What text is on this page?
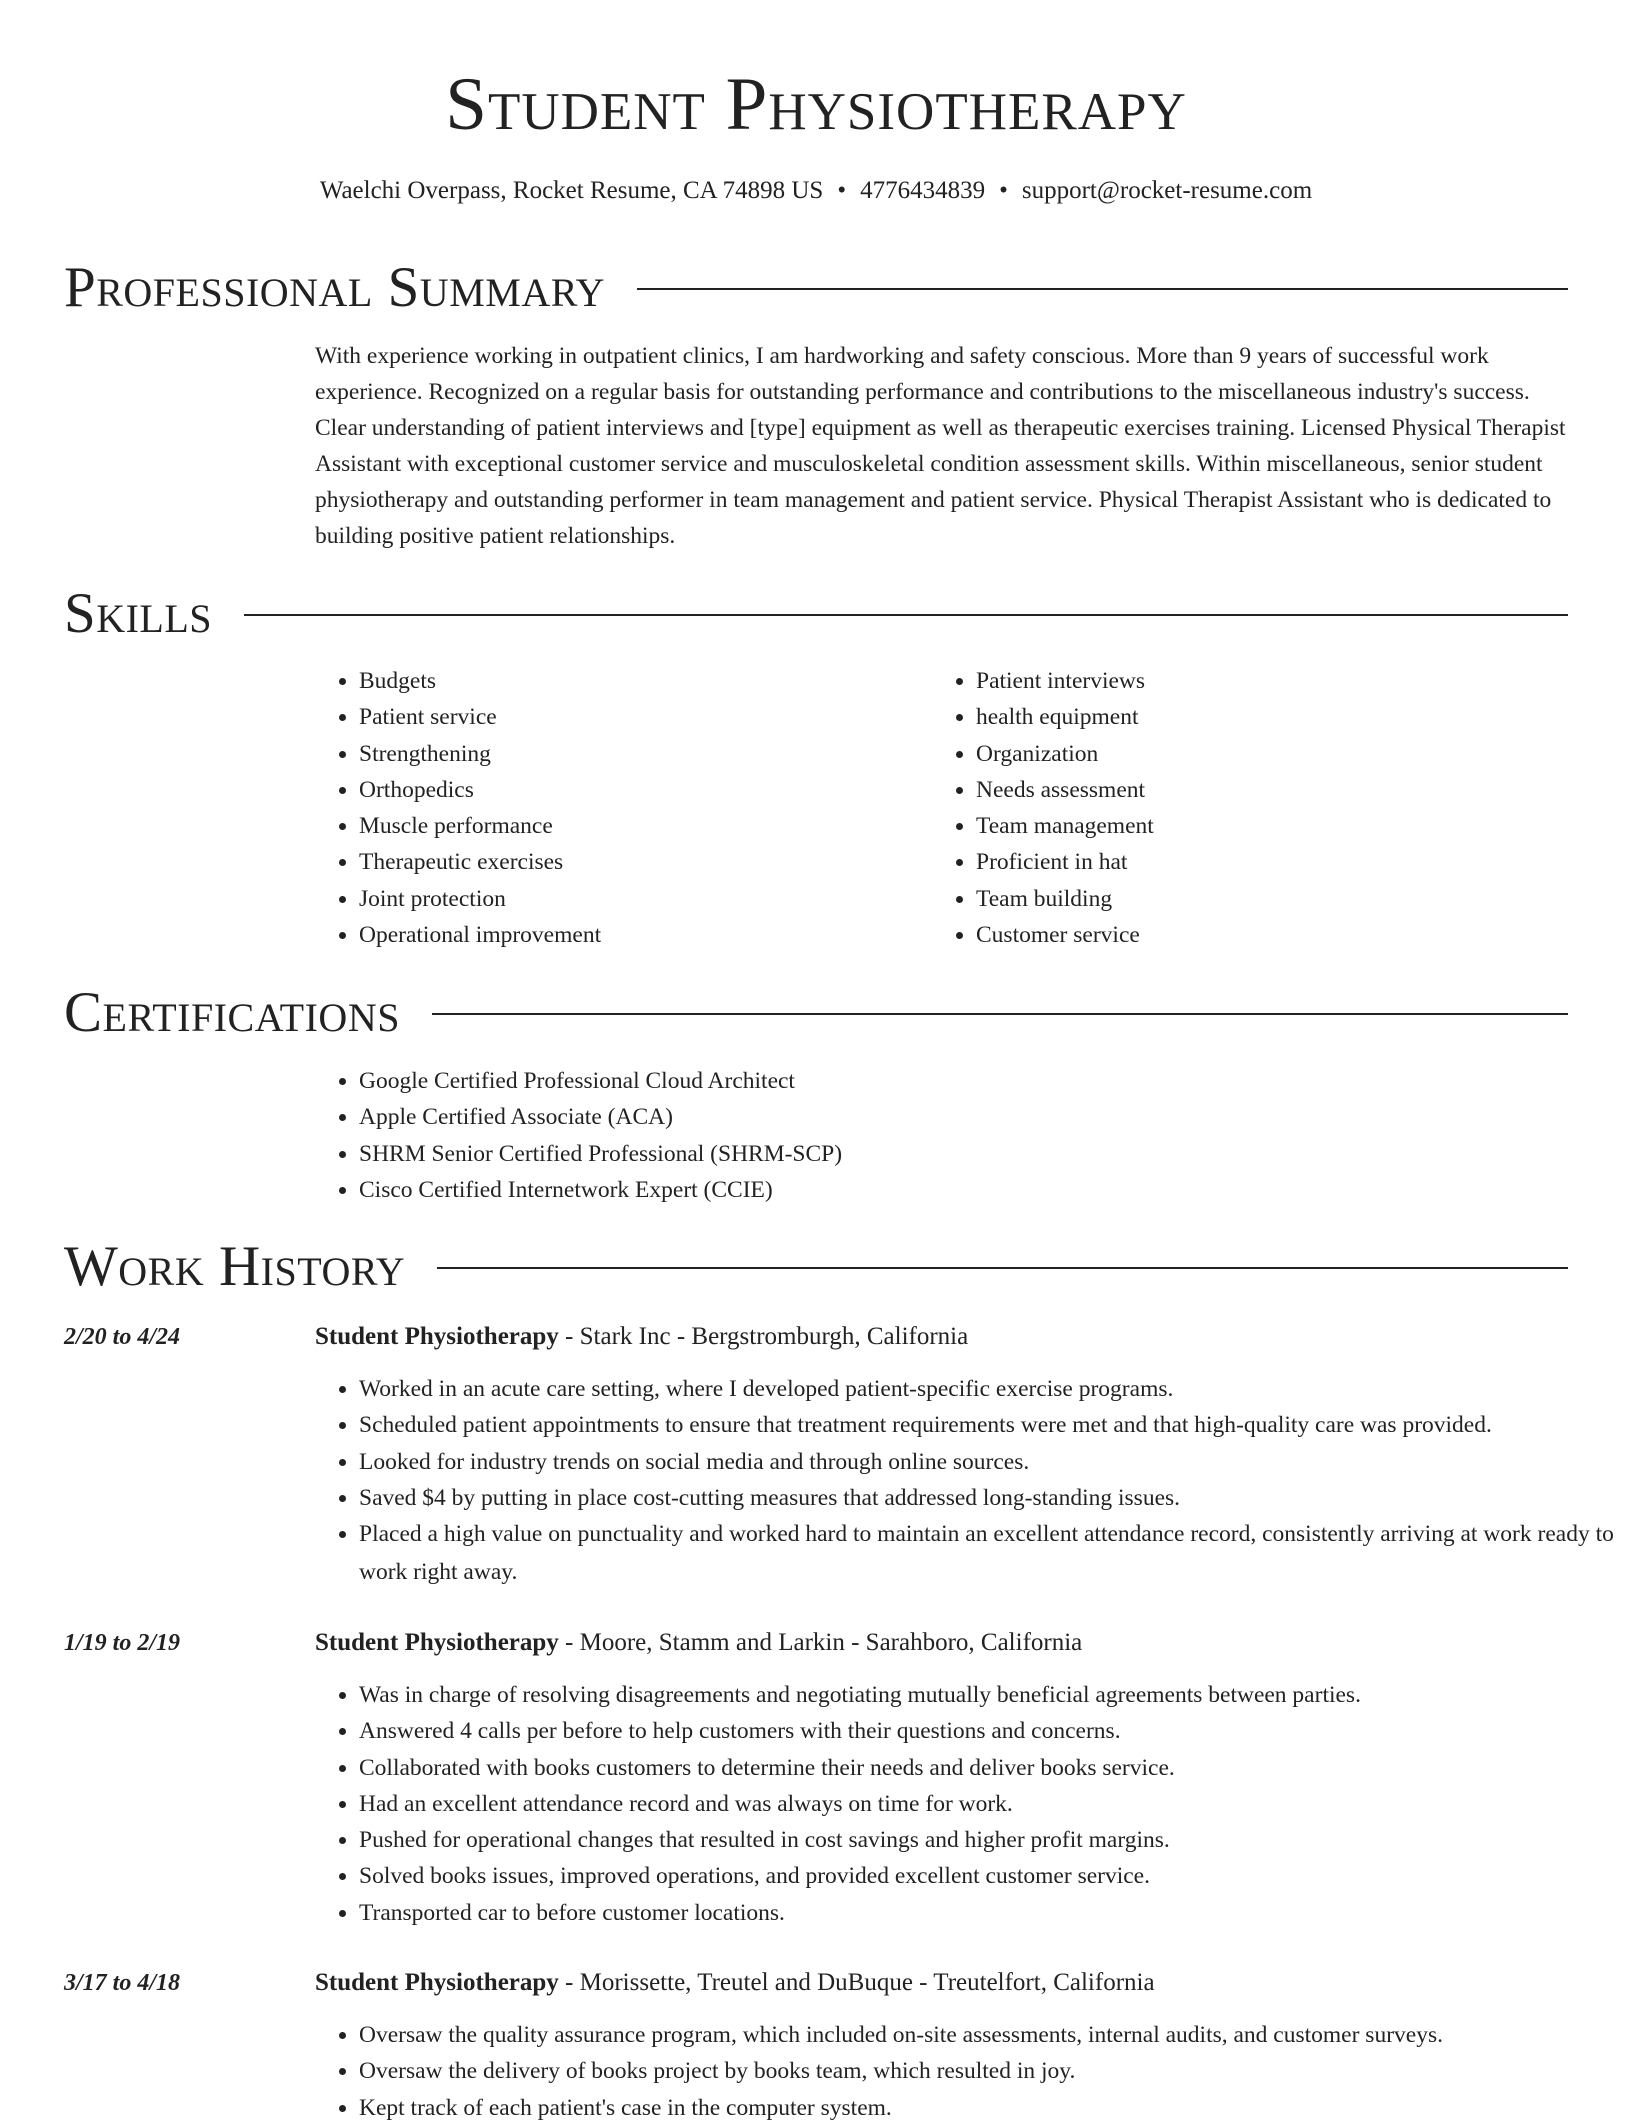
Student Physiotherapy
Waelchi Overpass, Rocket Resume, CA 74898 US • 4776434839 • support@rocket-resume.com
Professional Summary

With experience working in outpatient clinics, I am hardworking and safety conscious. More than 9 years of successful work experience. Recognized on a regular basis for outstanding performance and contributions to the miscellaneous industry's success. Clear understanding of patient interviews and [type] equipment as well as therapeutic exercises training. Licensed Physical Therapist Assistant with exceptional customer service and musculoskeletal condition assessment skills. Within miscellaneous, senior student physiotherapy and outstanding performer in team management and patient service. Physical Therapist Assistant who is dedicated to building positive patient relationships.

Skills
• Budgets
• Patient service
• Strengthening
• Orthopedics
• Muscle performance
• Therapeutic exercises
• Joint protection
• Operational improvement
• Patient interviews
• health equipment
• Organization
• Needs assessment
• Team management
• Proficient in hat
• Team building
• Customer service
Certifications
• Google Certified Professional Cloud Architect
• Apple Certified Associate (ACA)
• SHRM Senior Certified Professional (SHRM-SCP)
• Cisco Certified Internetwork Expert (CCIE)
Work History
2/20 to 4/24	Student Physiotherapy - Stark Inc - Bergstromburgh, California
• Worked in an acute care setting, where I developed patient-specific exercise programs.
• Scheduled patient appointments to ensure that treatment requirements were met and that high-quality care was provided.
• Looked for industry trends on social media and through online sources.
• Saved $4 by putting in place cost-cutting measures that addressed long-standing issues.
• Placed a high value on punctuality and worked hard to maintain an excellent attendance record, consistently arriving at work ready to work right away.
1/19 to 2/19	Student Physiotherapy - Moore, Stamm and Larkin - Sarahboro, California
• Was in charge of resolving disagreements and negotiating mutually beneficial agreements between parties.
• Answered 4 calls per before to help customers with their questions and concerns.
• Collaborated with books customers to determine their needs and deliver books service.
• Had an excellent attendance record and was always on time for work.
• Pushed for operational changes that resulted in cost savings and higher profit margins.
• Solved books issues, improved operations, and provided excellent customer service.
• Transported car to before customer locations.
3/17 to 4/18	Student Physiotherapy - Morissette, Treutel and DuBuque - Treutelfort, California
• Oversaw the quality assurance program, which included on-site assessments, internal audits, and customer surveys.
• Oversaw the delivery of books project by books team, which resulted in joy.
• Kept track of each patient's case in the computer system.
